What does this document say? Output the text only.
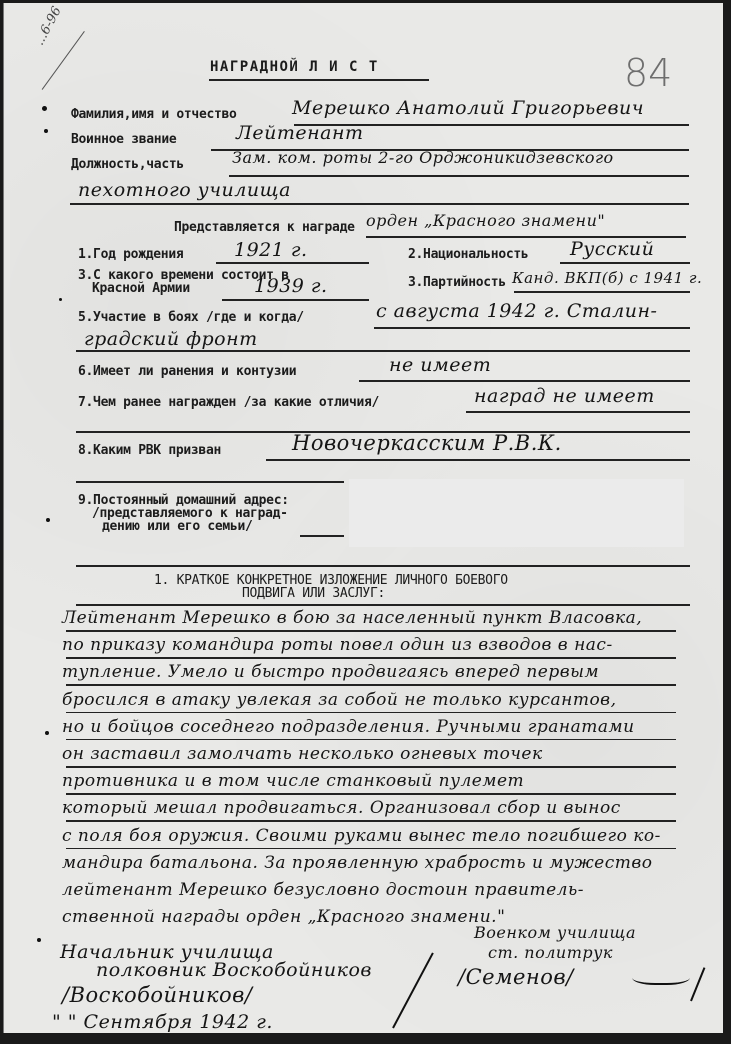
...6-96
84
НАГРАДНОЙ Л И С Т
Фамилия,имя и отчество	Мерешко Анатолий Григорьевич
Воинное звание	Лейтенант
Должность,часть	Зам. ком. роты 2-го Орджоникидзевского
пехотного училища
Представляется к награде орден „Красного знамени"
1.Год рождения	1921 г.	2.Национальность Русский
3.С какого времени состоит в
Красной Армии	1939 г.	3.Партийность Канд. ВКП(б) с 1941 г.
5.Участие в боях /где и когда/	с августа 1942 г. Сталин-
градский фронт
6.Имеет ли ранения и контузии	не имеет
7.Чем ранее награжден /за какие отличия/	наград не имеет
8.Каким РВК призван	Новочеркасским Р.В.К.
9.Постоянный домашний адрес:
/представляемого к наград-
дению или его семьи/
1. КРАТКОЕ КОНКРЕТНОЕ ИЗЛОЖЕНИЕ ЛИЧНОГО БОЕВОГО
ПОДВИГА ИЛИ ЗАСЛУГ:
Начальник училища
полковник Воскобойников
/Воскобойников/
" " Сентября 1942 г.
Военком училища
ст. политрук
/Семенов/
Лейтенант Мерешко в бою за населенный пункт Власовка,
по приказу командира роты повел один из взводов в нас-
тупление. Умело и быстро продвигаясь вперед первым
бросился в атаку увлекая за собой не только курсантов,
но и бойцов соседнего подразделения. Ручными гранатами
он заставил замолчать несколько огневых точек
противника и в том числе станковый пулемет
который мешал продвигаться. Организовал сбор и вынос
с поля боя оружия. Своими руками вынес тело погибшего ко-
мандира батальона. За проявленную храбрость и мужество
лейтенант Мерешко безусловно достоин правитель-
ственной награды орден „Красного знамени."
